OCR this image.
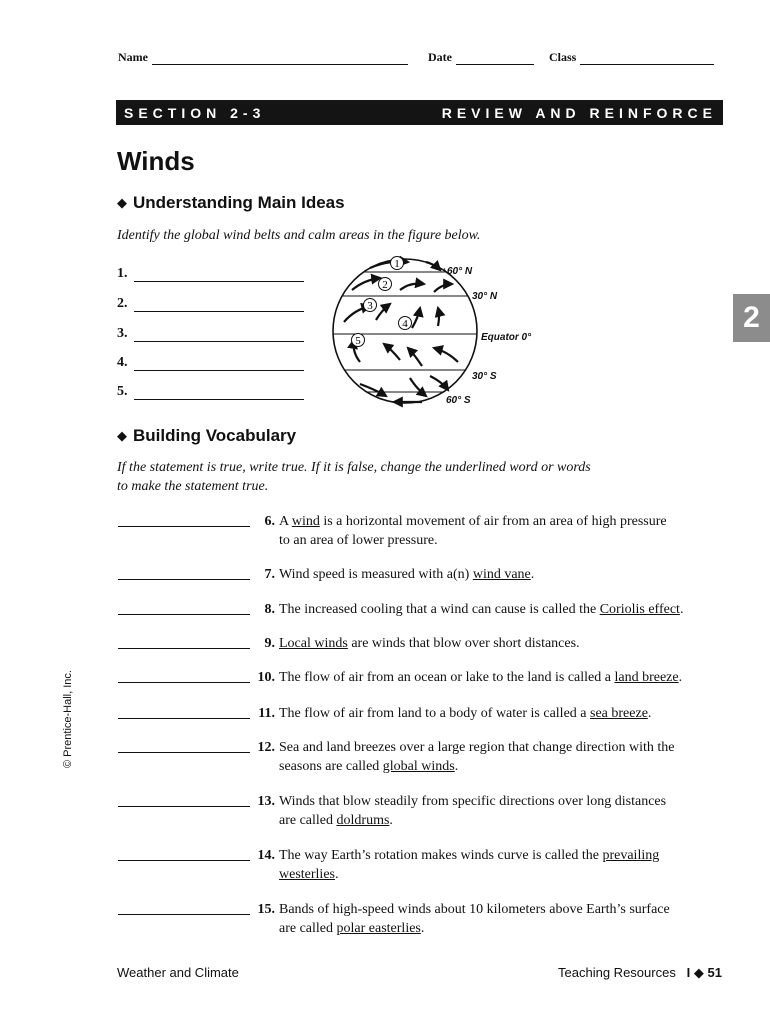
Name	Date	Class
SECTION 2-3	REVIEW AND REINFORCE
Winds
◆ Understanding Main Ideas
Identify the global wind belts and calm areas in the figure below.
1.
2.
3.
4.
5.
1
2
3
4
5
60° N
30° N
Equator 0°
30° S
60° S
2
◆ Building Vocabulary
If the statement is true, write true. If it is false, change the underlined word or words
to make the statement true.
6. A wind is a horizontal movement of air from an area of high pressure
to an area of lower pressure.
7. Wind speed is measured with a(n) wind vane.
8. The increased cooling that a wind can cause is called the Coriolis effect.
9. Local winds are winds that blow over short distances.
10. The flow of air from an ocean or lake to the land is called a land breeze.
11. The flow of air from land to a body of water is called a sea breeze.
12. Sea and land breezes over a large region that change direction with the
seasons are called global winds.
13. Winds that blow steadily from specific directions over long distances
are called doldrums.
14. The way Earth’s rotation makes winds curve is called the prevailing
westerlies.
15. Bands of high-speed winds about 10 kilometers above Earth’s surface
are called polar easterlies.
© Prentice-Hall, Inc.
Weather and Climate	Teaching Resources I ◆ 51
